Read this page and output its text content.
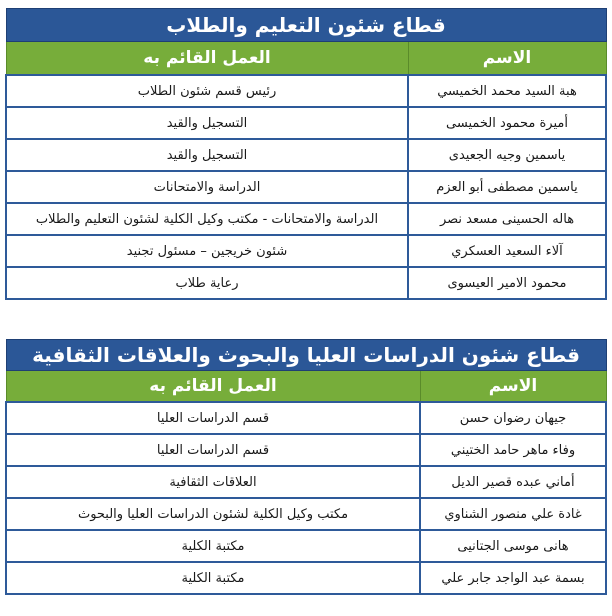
قطاع شئون التعليم والطلاب	
الاسم	العمل القائم به
هبة السيد محمد الخميسي	رئيس قسم شئون الطلاب
أميرة محمود الخميسى	التسجيل والقيد
ياسمين وجيه الجعيدى	التسجيل والقيد
ياسمين مصطفى أبو العزم	الدراسة والامتحانات
هاله الحسينى مسعد نصر	الدراسة والامتحانات - مكتب وكيل الكلية لشئون التعليم والطلاب
آلاء السعيد العسكري	شئون خريجين – مسئول تجنيد
محمود الامير العيسوى	رعاية طلاب
قطاع شئون الدراسات العليا والبحوث والعلاقات الثقافية	
الاسم	العمل القائم به
جيهان رضوان حسن	قسم الدراسات العليا
وفاء ماهر حامد الختيني	قسم الدراسات العليا
أماني عبده قصير الديل	العلاقات الثقافية
غادة علي منصور الشناوي	مكتب وكيل الكلية لشئون الدراسات العليا والبحوث
هانى موسى الجتانيى	مكتبة الكلية
بسمة عبد الواجد جابر علي	مكتبة الكلية
